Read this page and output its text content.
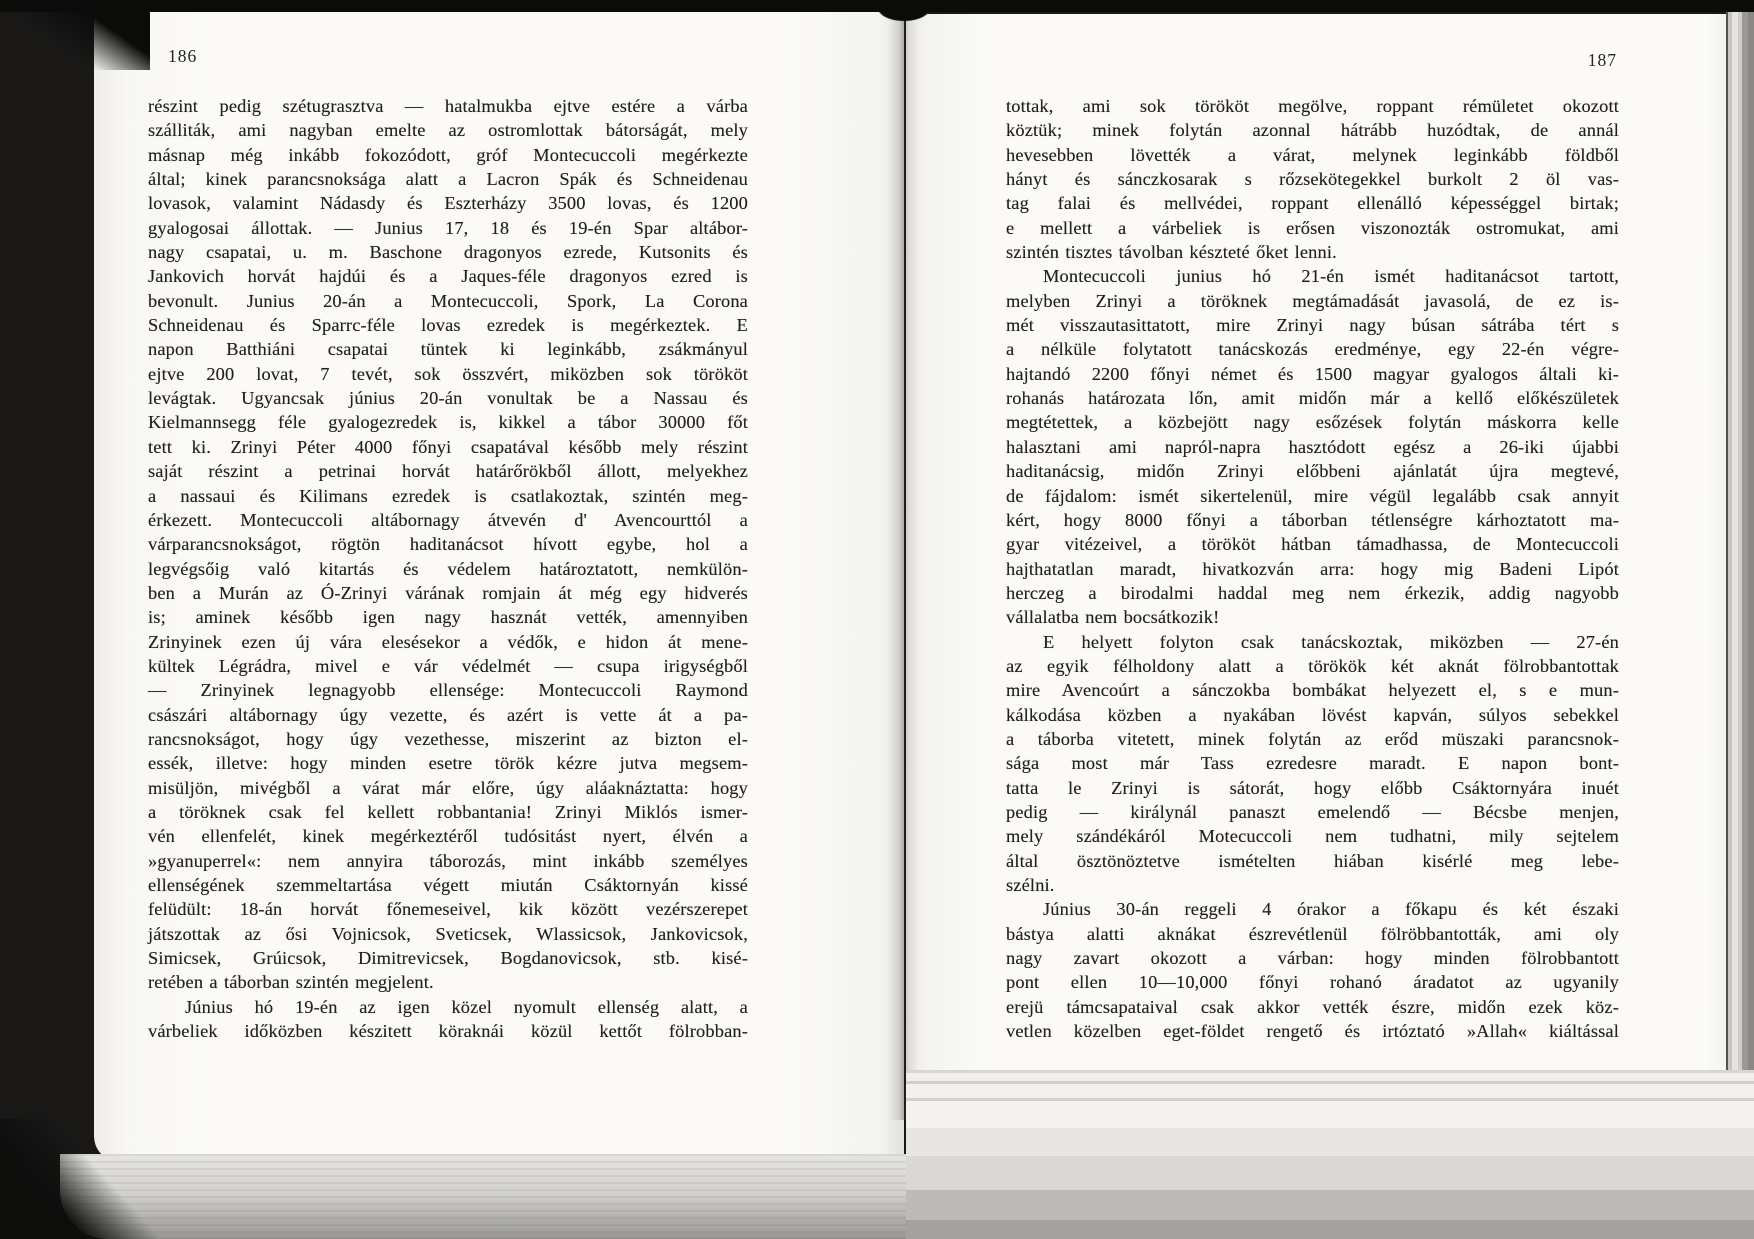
186
részint pedig szétugrasztva — hatalmukba ejtve estére a várba
szálliták, ami nagyban emelte az ostromlottak bátorságát, mely
másnap még inkább fokozódott, gróf Montecuccoli megérkezte
által; kinek parancsnoksága alatt a Lacron Spák és Schneidenau
lovasok, valamint Nádasdy és Eszterházy 3500 lovas, és 1200
gyalogosai állottak. — Junius 17, 18 és 19-én Spar altábor-
nagy csapatai, u. m. Baschone dragonyos ezrede, Kutsonits és
Jankovich horvát hajdúi és a Jaques-féle dragonyos ezred is
bevonult. Junius 20-án a Montecuccoli, Spork, La Corona
Schneidenau és Sparrc-féle lovas ezredek is megérkeztek. E
napon Batthiáni csapatai tüntek ki leginkább, zsákmányul
ejtve 200 lovat, 7 tevét, sok összvért, miközben sok törököt
levágtak. Ugyancsak június 20-án vonultak be a Nassau és
Kielmannsegg féle gyalogezredek is, kikkel a tábor 30000 főt
tett ki. Zrinyi Péter 4000 főnyi csapatával később mely részint
saját részint a petrinai horvát határőrökből állott, melyekhez
a nassaui és Kilimans ezredek is csatlakoztak, szintén meg-
érkezett. Montecuccoli altábornagy átvevén d' Avencourttól a
várparancsnokságot, rögtön haditanácsot hívott egybe, hol a
legvégsőig való kitartás és védelem határoztatott, nemkülön-
ben a Murán az Ó-Zrinyi várának romjain át még egy hidverés
is; aminek később igen nagy hasznát vették, amennyiben
Zrinyinek ezen új vára elesésekor a védők, e hidon át mene-
kültek Légrádra, mivel e vár védelmét — csupa irigységből
— Zrinyinek legnagyobb ellensége: Montecuccoli Raymond
császári altábornagy úgy vezette, és azért is vette át a pa-
rancsnokságot, hogy úgy vezethesse, miszerint az bizton el-
essék, illetve: hogy minden esetre török kézre jutva megsem-
misüljön, mivégből a várat már előre, úgy aláaknáztatta: hogy
a töröknek csak fel kellett robbantania! Zrinyi Miklós ismer-
vén ellenfelét, kinek megérkeztéről tudósitást nyert, élvén a
»gyanuperrel«: nem annyira táborozás, mint inkább személyes
ellenségének szemmeltartása végett miután Csáktornyán kissé
felüdült: 18-án horvát főnemeseivel, kik között vezérszerepet
játszottak az ősi Vojnicsok, Sveticsek, Wlassicsok, Jankovicsok,
Simicsek, Grúicsok, Dimitrevicsek, Bogdanovicsok, stb. kisé-
retében a táborban szintén megjelent.
Június hó 19-én az igen közel nyomult ellenség alatt, a
várbeliek időközben készitett köraknái közül kettőt fölrobban-
187
tottak, ami sok törököt megölve, roppant rémületet okozott
köztük; minek folytán azonnal hátrább huzódtak, de annál
hevesebben lövették a várat, melynek leginkább földből
hányt és sánczkosarak s rőzsekötegekkel burkolt 2 öl vas-
tag falai és mellvédei, roppant ellenálló képességgel birtak;
e mellett a várbeliek is erősen viszonozták ostromukat, ami
szintén tisztes távolban készteté őket lenni.
Montecuccoli junius hó 21-én ismét haditanácsot tartott,
melyben Zrinyi a töröknek megtámadását javasolá, de ez is-
mét visszautasittatott, mire Zrinyi nagy búsan sátrába tért s
a nélküle folytatott tanácskozás eredménye, egy 22-én végre-
hajtandó 2200 főnyi német és 1500 magyar gyalogos általi ki-
rohanás határozata lőn, amit midőn már a kellő előkészületek
megtétettek, a közbejött nagy esőzések folytán máskorra kelle
halasztani ami napról-napra hasztódott egész a 26-iki újabbi
haditanácsig, midőn Zrinyi előbbeni ajánlatát újra megtevé,
de fájdalom: ismét sikertelenül, mire végül legalább csak annyit
kért, hogy 8000 főnyi a táborban tétlenségre kárhoztatott ma-
gyar vitézeivel, a törököt hátban támadhassa, de Montecuccoli
hajthatatlan maradt, hivatkozván arra: hogy mig Badeni Lipót
herczeg a birodalmi haddal meg nem érkezik, addig nagyobb
vállalatba nem bocsátkozik!
E helyett folyton csak tanácskoztak, miközben — 27-én
az egyik félholdony alatt a törökök két aknát fölrobbantottak
mire Avencoúrt a sánczokba bombákat helyezett el, s e mun-
kálkodása közben a nyakában lövést kapván, súlyos sebekkel
a táborba vitetett, minek folytán az erőd müszaki parancsnok-
sága most már Tass ezredesre maradt. E napon bont-
tatta le Zrinyi is sátorát, hogy előbb Csáktornyára inuét
pedig — királynál panaszt emelendő — Bécsbe menjen,
mely szándékáról Motecuccoli nem tudhatni, mily sejtelem
által ösztönöztetve ismételten hiában kisérlé meg lebe-
szélni.
Június 30-án reggeli 4 órakor a főkapu és két északi
bástya alatti aknákat észrevétlenül fölröbbantották, ami oly
nagy zavart okozott a várban: hogy minden fölrobbantott
pont ellen 10—10,000 főnyi rohanó áradatot az ugyanily
erejü támcsapataival csak akkor vették észre, midőn ezek köz-
vetlen közelben eget-földet rengető és irtóztató »Allah« kiáltással
